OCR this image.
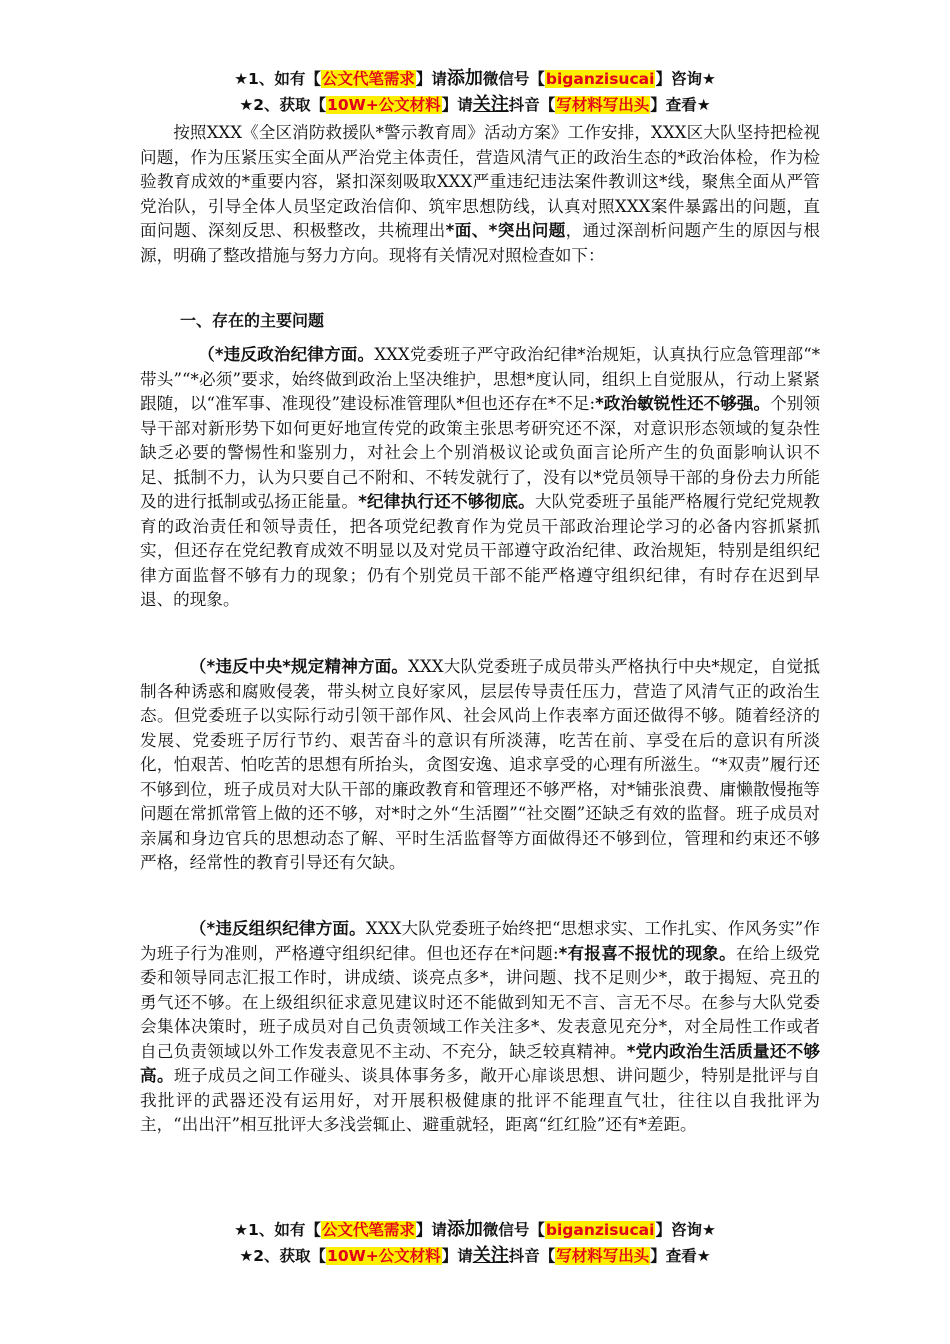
★1、如有【公文代笔需求】请添加微信号【biganzisucai】咨询★
★2、获取【10W+公文材料】请关注抖音【写材料写出头】查看★

按照XXX《全区消防救援队*警示教育周》活动方案》工作安排，XXX区大队坚持把检视问题，作为压紧压实全面从严治党主体责任，营造风清气正的政治生态的*政治体检，作为检验教育成效的*重要内容，紧扣深刻吸取XXX严重违纪违法案件教训这*线，聚焦全面从严管党治队，引导全体人员坚定政治信仰、筑牢思想防线，认真对照XXX案件暴露出的问题，直面问题、深刻反思、积极整改，共梳理出*面、*突出问题，通过深剖析问题产生的原因与根源，明确了整改措施与努力方向。现将有关情况对照检查如下：

一、存在的主要问题

（*违反政治纪律方面。XXX党委班子严守政治纪律*治规矩，认真执行应急管理部“*带头”“*必须”要求，始终做到政治上坚决维护，思想*度认同，组织上自觉服从，行动上紧紧跟随，以“准军事、准现役”建设标准管理队*但也还存在*不足:*政治敏锐性还不够强。个别领导干部对新形势下如何更好地宣传党的政策主张思考研究还不深，对意识形态领域的复杂性缺乏必要的警惕性和鉴别力，对社会上个别消极议论或负面言论所产生的负面影响认识不足、抵制不力，认为只要自己不附和、不转发就行了，没有以*党员领导干部的身份去力所能及的进行抵制或弘扬正能量。*纪律执行还不够彻底。大队党委班子虽能严格履行党纪党规教育的政治责任和领导责任，把各项党纪教育作为党员干部政治理论学习的必备内容抓紧抓实，但还存在党纪教育成效不明显以及对党员干部遵守政治纪律、政治规矩，特别是组织纪律方面监督不够有力的现象；仍有个别党员干部不能严格遵守组织纪律，有时存在迟到早退、的现象。

（*违反中央*规定精神方面。XXX大队党委班子成员带头严格执行中央*规定，自觉抵制各种诱惑和腐败侵袭，带头树立良好家风，层层传导责任压力，营造了风清气正的政治生态。但党委班子以实际行动引领干部作风、社会风尚上作表率方面还做得不够。随着经济的发展、党委班子厉行节约、艰苦奋斗的意识有所淡薄，吃苦在前、享受在后的意识有所淡化，怕艰苦、怕吃苦的思想有所抬头，贪图安逸、追求享受的心理有所滋生。“*双责”履行还不够到位，班子成员对大队干部的廉政教育和管理还不够严格，对*铺张浪费、庸懒散慢拖等问题在常抓常管上做的还不够，对*时之外“生活圈”“社交圈”还缺乏有效的监督。班子成员对亲属和身边官兵的思想动态了解、平时生活监督等方面做得还不够到位，管理和约束还不够严格，经常性的教育引导还有欠缺。

（*违反组织纪律方面。XXX大队党委班子始终把“思想求实、工作扎实、作风务实”作为班子行为准则，严格遵守组织纪律。但也还存在*问题:*有报喜不报忧的现象。在给上级党委和领导同志汇报工作时，讲成绩、谈亮点多*，讲问题、找不足则少*，敢于揭短、亮丑的勇气还不够。在上级组织征求意见建议时还不能做到知无不言、言无不尽。在参与大队党委会集体决策时，班子成员对自己负责领域工作关注多*、发表意见充分*，对全局性工作或者自己负责领域以外工作发表意见不主动、不充分，缺乏较真精神。*党内政治生活质量还不够高。班子成员之间工作碰头、谈具体事务多，敞开心扉谈思想、讲问题少，特别是批评与自我批评的武器还没有运用好，对开展积极健康的批评不能理直气壮，往往以自我批评为主，“出出汗”相互批评大多浅尝辄止、避重就轻，距离“红红脸”还有*差距。

★1、如有【公文代笔需求】请添加微信号【biganzisucai】咨询★
★2、获取【10W+公文材料】请关注抖音【写材料写出头】查看★
